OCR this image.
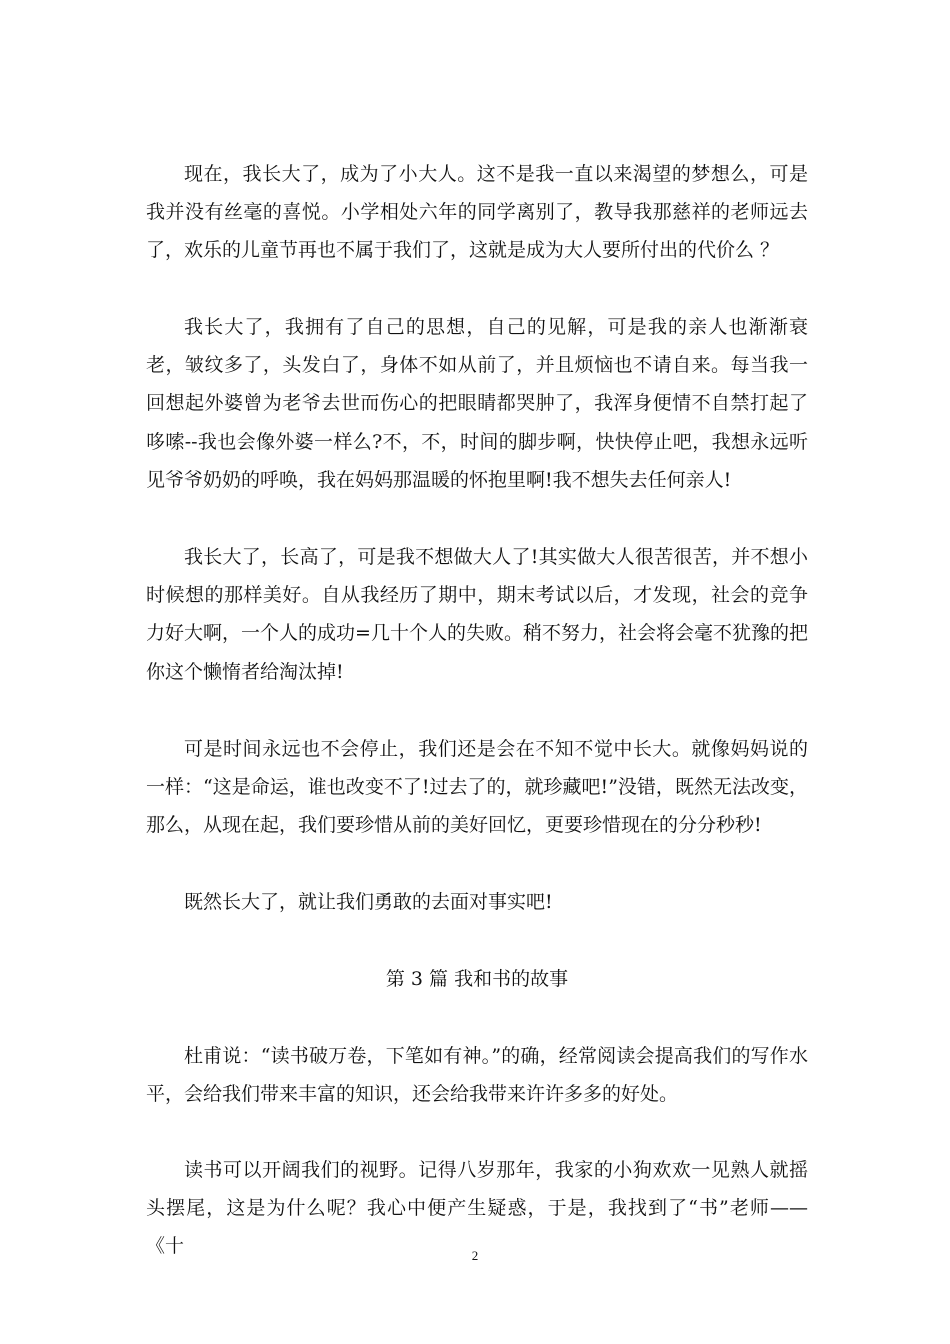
现在，我长大了，成为了小大人。这不是我一直以来渴望的梦想么，可是我并没有丝毫的喜悦。小学相处六年的同学离别了，教导我那慈祥的老师远去了，欢乐的儿童节再也不属于我们了，这就是成为大人要所付出的代价么 ？

我长大了，我拥有了自己的思想，自己的见解，可是我的亲人也渐渐衰老，皱纹多了，头发白了，身体不如从前了，并且烦恼也不请自来。每当我一回想起外婆曾为老爷去世而伤心的把眼睛都哭肿了，我浑身便情不自禁打起了哆嗦--我也会像外婆一样么?不，不，时间的脚步啊，快快停止吧，我想永远听见爷爷奶奶的呼唤，我在妈妈那温暖的怀抱里啊!我不想失去任何亲人!

我长大了，长高了，可是我不想做大人了!其实做大人很苦很苦，并不想小时候想的那样美好。自从我经历了期中，期末考试以后，才发现，社会的竞争力好大啊，一个人的成功=几十个人的失败。稍不努力，社会将会毫不犹豫的把你这个懒惰者给淘汰掉!

可是时间永远也不会停止，我们还是会在不知不觉中长大。就像妈妈说的一样：“这是命运，谁也改变不了!过去了的，就珍藏吧!”没错，既然无法改变，那么，从现在起，我们要珍惜从前的美好回忆，更要珍惜现在的分分秒秒!

既然长大了，就让我们勇敢的去面对事实吧!

第 3 篇 我和书的故事

杜甫说：“读书破万卷，下笔如有神。”的确，经常阅读会提高我们的写作水平，会给我们带来丰富的知识，还会给我带来许许多多的好处。

读书可以开阔我们的视野。记得八岁那年，我家的小狗欢欢一见熟人就摇头摆尾，这是为什么呢？我心中便产生疑惑，于是，我找到了“书”老师——《十	2
